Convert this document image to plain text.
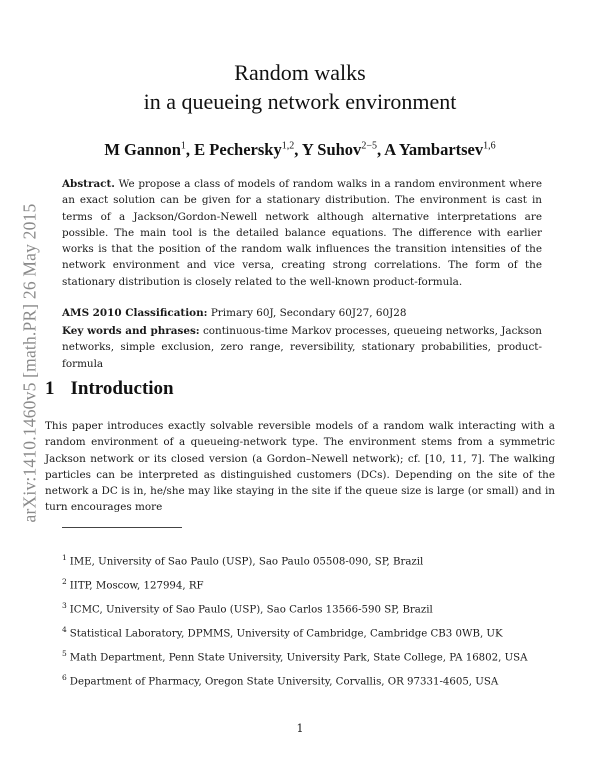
arXiv:1410.1460v5 [math.PR] 26 May 2015
Random walks
in a queueing network environment
M Gannon$^1$, E Pechersky$^{1,2}$, Y Suhov$^{2-5}$, A Yambartsev$^{1,6}$

Abstract. We propose a class of models of random walks in a random environment where an exact solution can be given for a stationary distribution. The environment is cast in terms of a Jackson/Gordon-Newell network although alternative interpretations are possible. The main tool is the detailed balance equations. The difference with earlier works is that the position of the random walk influences the transition intensities of the network environment and vice versa, creating strong correlations. The form of the stationary distribution is closely related to the well-known product-formula.

AMS 2010 Classification: Primary 60J, Secondary 60J27, 60J28

Key words and phrases: continuous-time Markov processes, queueing networks, Jackson networks, simple exclusion, zero range, reversibility, stationary probabilities, product-formula

1 Introduction

This paper introduces exactly solvable reversible models of a random walk interacting with a random environment of a queueing-network type. The environment stems from a symmetric Jackson network or its closed version (a Gordon–Newell network); cf. [10, 11, 7]. The walking particles can be interpreted as distinguished customers (DCs). Depending on the site of the network a DC is in, he/she may like staying in the site if the queue size is large (or small) and in turn encourages more

$^1$ IME, University of Sao Paulo (USP), Sao Paulo 05508-090, SP, Brazil
$^2$ IITP, Moscow, 127994, RF
$^3$ ICMC, University of Sao Paulo (USP), Sao Carlos 13566-590 SP, Brazil
$^4$ Statistical Laboratory, DPMMS, University of Cambridge, Cambridge CB3 0WB, UK
$^5$ Math Department, Penn State University, University Park, State College, PA 16802, USA
$^6$ Department of Pharmacy, Oregon State University, Corvallis, OR 97331-4605, USA
1
